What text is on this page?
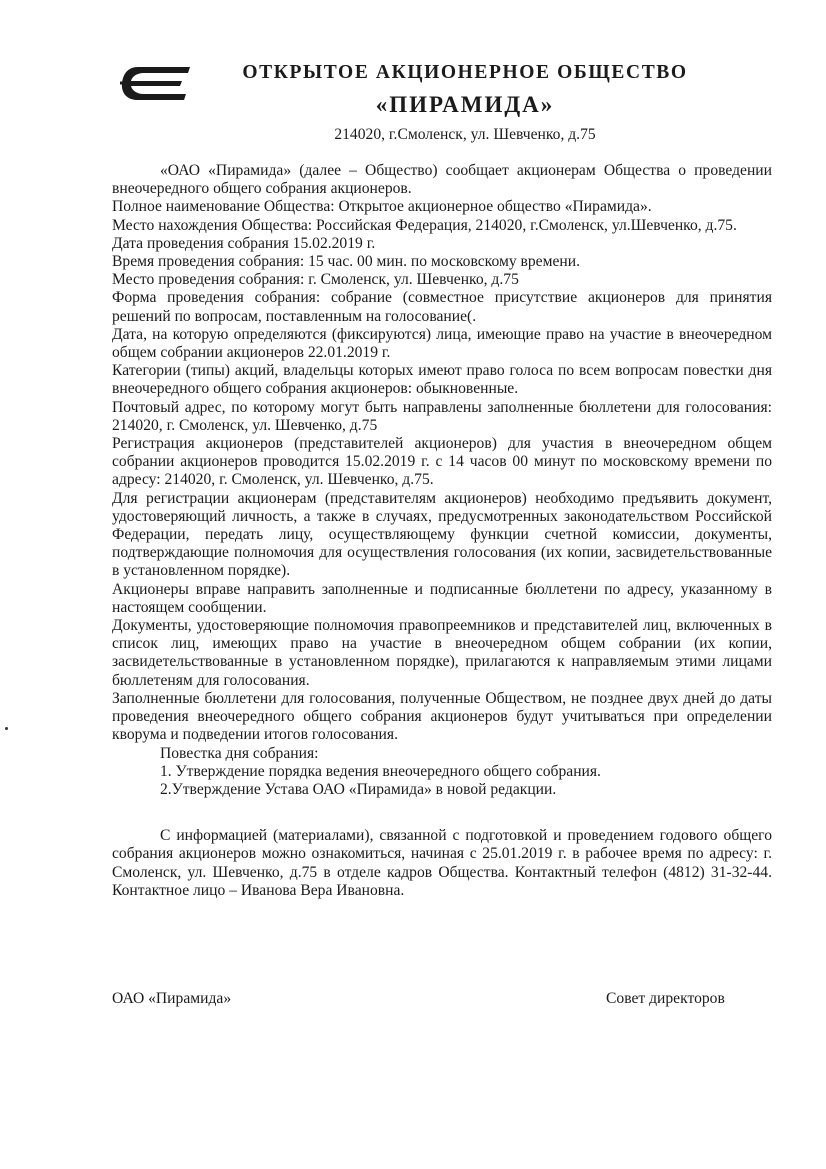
ОТКРЫТОЕ АКЦИОНЕРНОЕ ОБЩЕСТВО
«ПИРАМИДА»

214020, г.Смоленск, ул. Шевченко, д.75

«ОАО «Пирамида» (далее – Общество) сообщает акционерам Общества о проведении внеочередного общего собрания акционеров.

Полное наименование Общества: Открытое акционерное общество «Пирамида».

Место нахождения Общества: Российская Федерация, 214020, г.Смоленск, ул.Шевченко, д.75.

Дата проведения собрания 15.02.2019 г.

Время проведения собрания: 15 час. 00 мин. по московскому времени.

Место проведения собрания: г. Смоленск, ул. Шевченко, д.75

Форма проведения собрания: собрание (совместное присутствие акционеров для принятия решений по вопросам, поставленным на голосование(.

Дата, на которую определяются (фиксируются) лица, имеющие право на участие в внеочередном общем собрании акционеров 22.01.2019 г.

Категории (типы) акций, владельцы которых имеют право голоса по всем вопросам повестки дня внеочередного общего собрания акционеров: обыкновенные.

Почтовый адрес, по которому могут быть направлены заполненные бюллетени для голосования: 214020, г. Смоленск, ул. Шевченко, д.75

Регистрация акционеров (представителей акционеров) для участия в внеочередном общем собрании акционеров проводится 15.02.2019 г. с 14 часов 00 минут по московскому времени по адресу: 214020, г. Смоленск, ул. Шевченко, д.75.

Для регистрации акционерам (представителям акционеров) необходимо предъявить документ, удостоверяющий личность, а также в случаях, предусмотренных законодательством Российской Федерации, передать лицу, осуществляющему функции счетной комиссии, документы, подтверждающие полномочия для осуществления голосования (их копии, засвидетельствованные в установленном порядке).

Акционеры вправе направить заполненные и подписанные бюллетени по адресу, указанному в настоящем сообщении.

Документы, удостоверяющие полномочия правопреемников и представителей лиц, включенных в список лиц, имеющих право на участие в внеочередном общем собрании (их копии, засвидетельствованные в установленном порядке), прилагаются к направляемым этими лицами бюллетеням для голосования.

Заполненные бюллетени для голосования, полученные Обществом, не позднее двух дней до даты проведения внеочередного общего собрания акционеров будут учитываться при определении кворума и подведении итогов голосования.

Повестка дня собрания:

1. Утверждение порядка ведения внеочередного общего собрания.
2.Утверждение Устава ОАО «Пирамида» в новой редакции.

С информацией (материалами), связанной с подготовкой и проведением годового общего собрания акционеров можно ознакомиться, начиная с 25.01.2019 г. в рабочее время по адресу: г. Смоленск, ул. Шевченко, д.75 в отделе кадров Общества. Контактный телефон (4812) 31-32-44. Контактное лицо – Иванова Вера Ивановна.

ОАО «Пирамида»	Совет директоров
